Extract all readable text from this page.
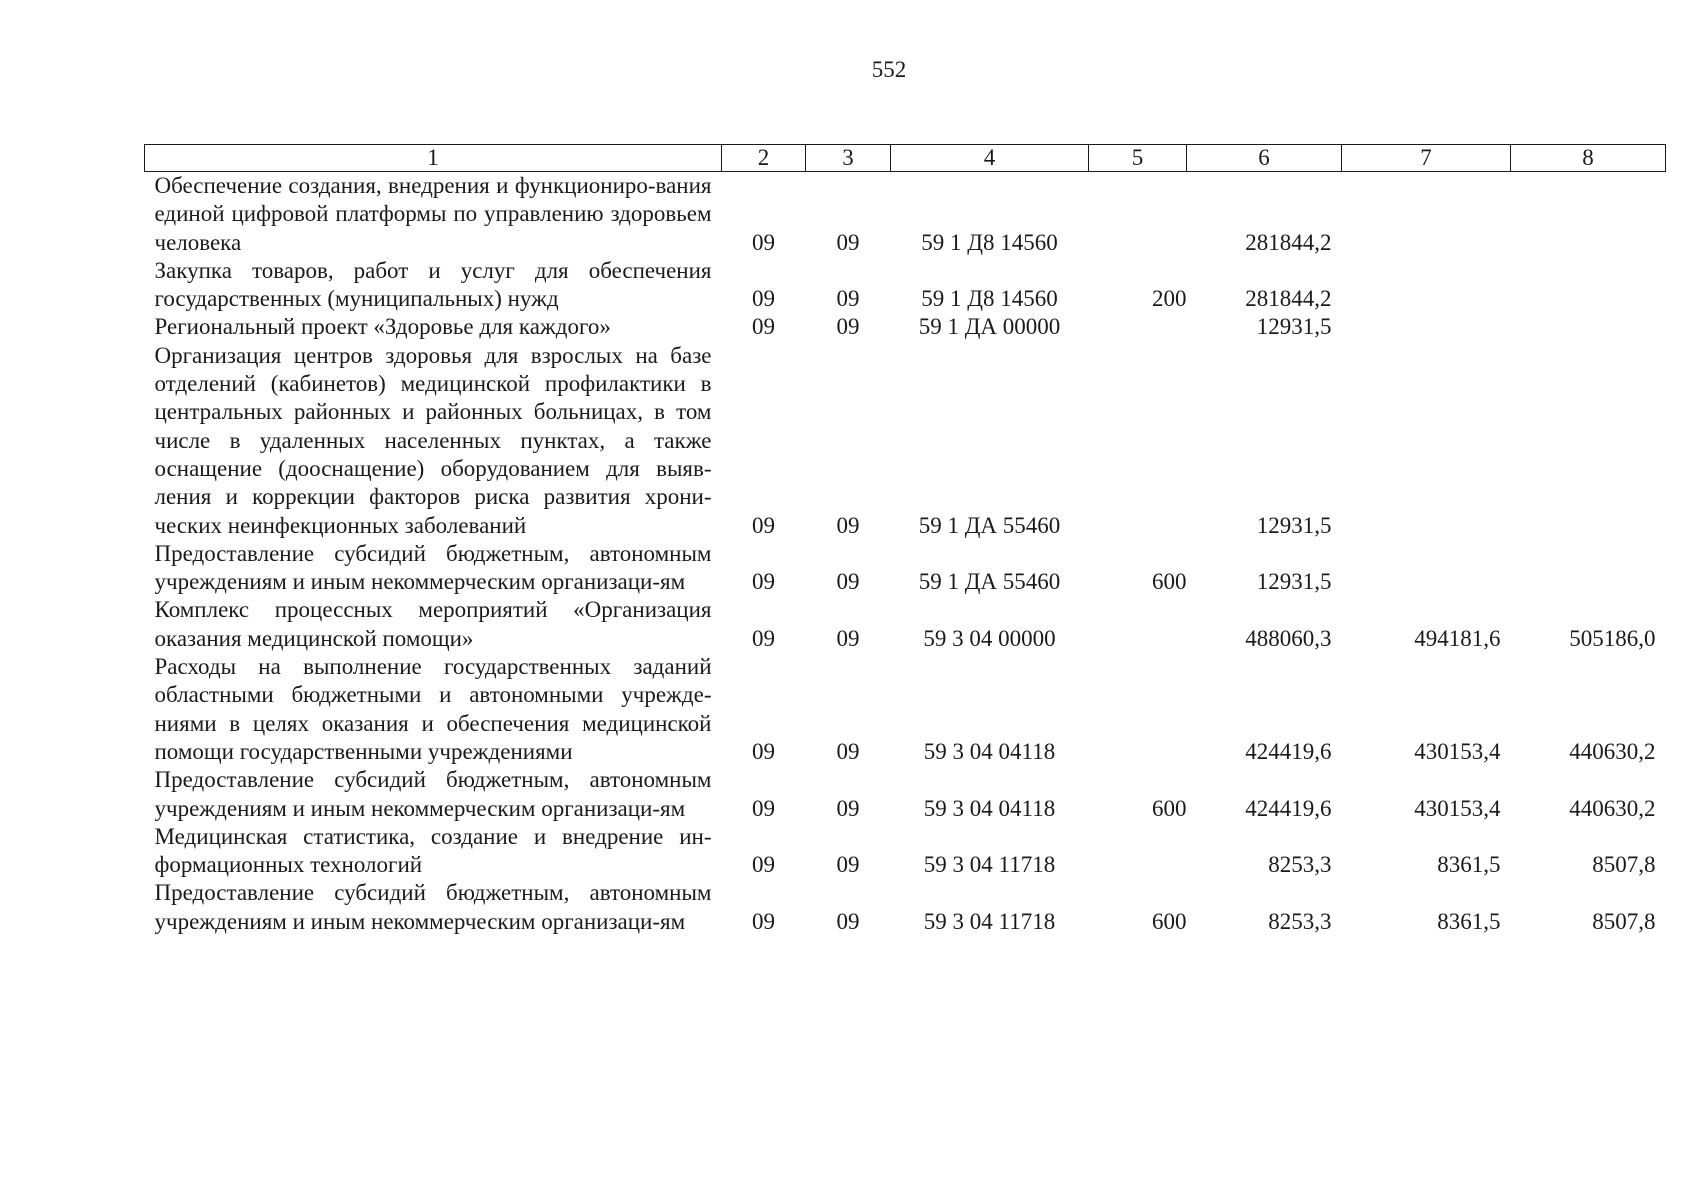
552
1	2	3	4	5	6	7	8
Обеспечение создания, внедрения и функциониро-вания единой цифровой платформы по управлению здоровьем человека	09	09	59 1 Д8 14560		281844,2		
Закупка товаров, работ и услуг для обеспечения государственных (муниципальных) нужд	09	09	59 1 Д8 14560	200	281844,2		
Региональный проект «Здоровье для каждого»	09	09	59 1 ДА 00000		12931,5		
Организация центров здоровья для взрослых на базе отделений (кабинетов) медицинской профилактики в центральных районных и районных больницах, в том числе в удаленных населенных пунктах, а также оснащение (дооснащение) оборудованием для выяв-ления и коррекции факторов риска развития хрони-ческих неинфекционных заболеваний	09	09	59 1 ДА 55460		12931,5		
Предоставление субсидий бюджетным, автономным учреждениям и иным некоммерческим организаци-ям	09	09	59 1 ДА 55460	600	12931,5		
Комплекс процессных мероприятий «Организация оказания медицинской помощи»	09	09	59 3 04 00000		488060,3	494181,6	505186,0
Расходы на выполнение государственных заданий областными бюджетными и автономными учрежде-ниями в целях оказания и обеспечения медицинской помощи государственными учреждениями	09	09	59 3 04 04118		424419,6	430153,4	440630,2
Предоставление субсидий бюджетным, автономным учреждениям и иным некоммерческим организаци-ям	09	09	59 3 04 04118	600	424419,6	430153,4	440630,2
Медицинская статистика, создание и внедрение ин-формационных технологий	09	09	59 3 04 11718		8253,3	8361,5	8507,8
Предоставление субсидий бюджетным, автономным учреждениям и иным некоммерческим организаци-ям	09	09	59 3 04 11718	600	8253,3	8361,5	8507,8
